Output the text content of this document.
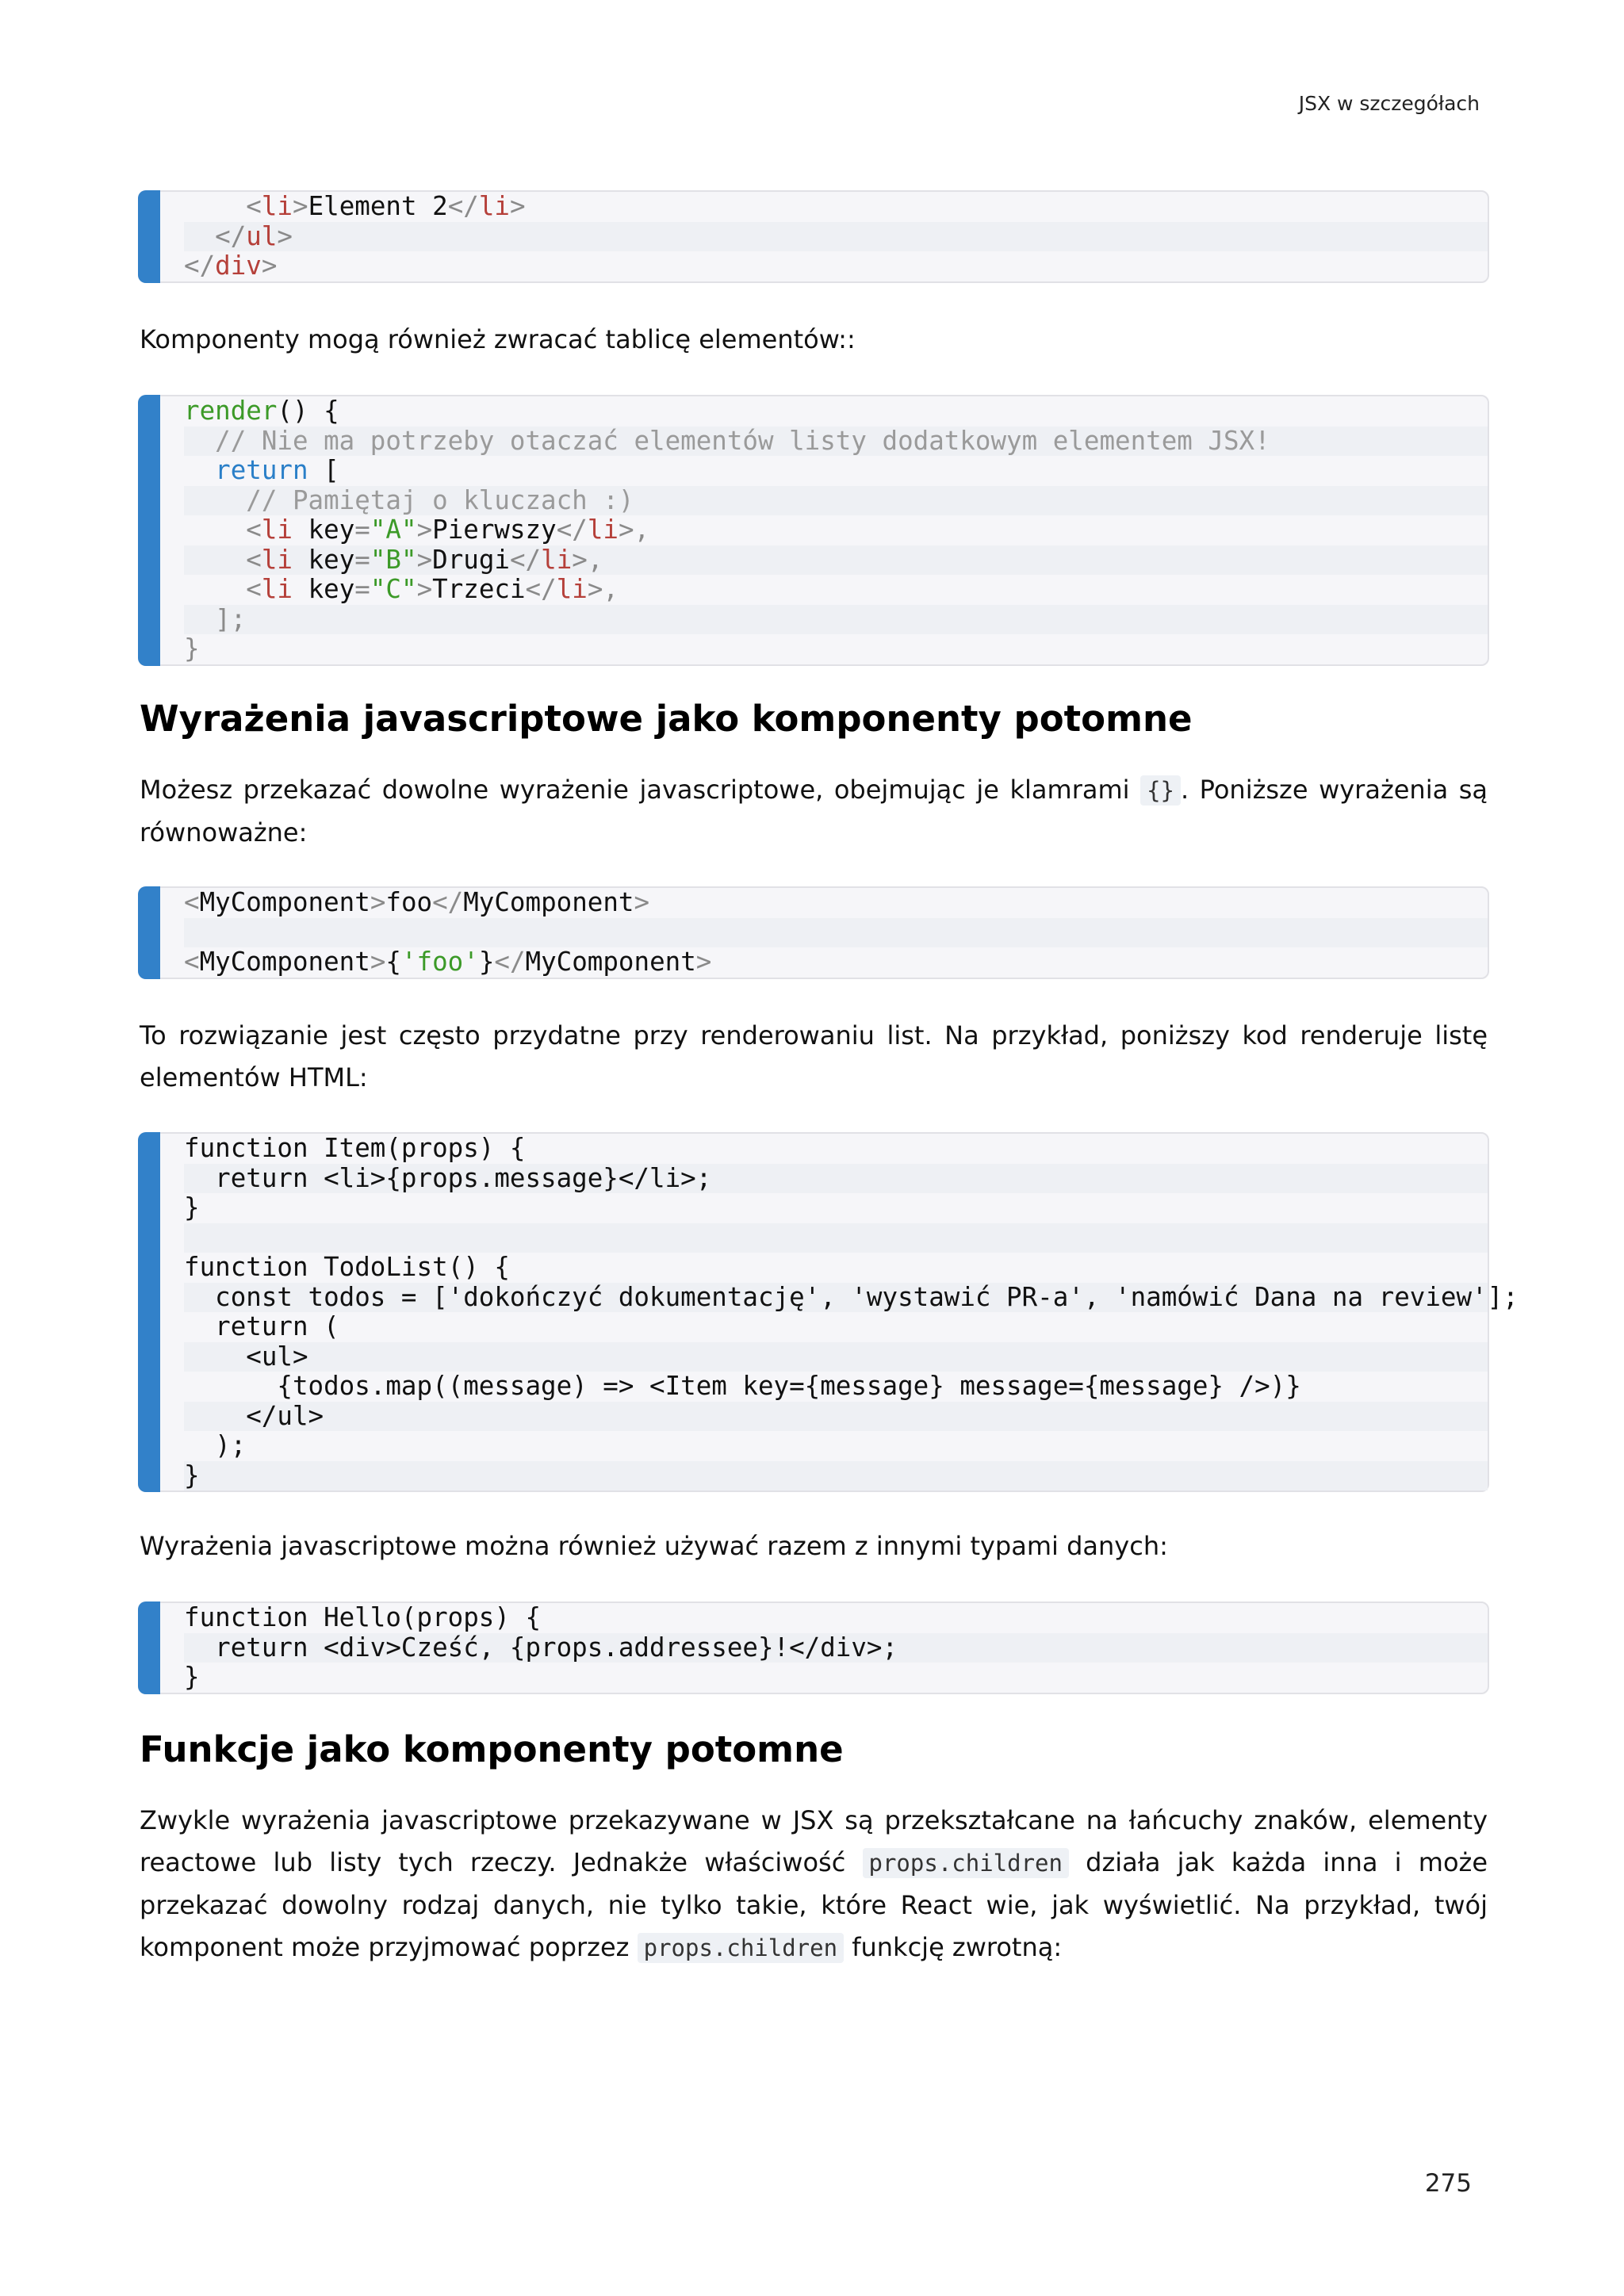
JSX w szczegółach
<li>Element 2</li>
</ul>
</div>
Komponenty mogą również zwracać tablicę elementów::
render() {
// Nie ma potrzeby otaczać elementów listy dodatkowym elementem JSX!
return [
// Pamiętaj o kluczach :)
<li key="A">Pierwszy</li>,
<li key="B">Drugi</li>,
<li key="C">Trzeci</li>,
];
}
Wyrażenia javascriptowe jako komponenty potomne
Możesz przekazać dowolne wyrażenie javascriptowe, obejmując je klamrami {} . Poniższe wyrażenia są równoważne:
<MyComponent>foo</MyComponent>

<MyComponent>{'foo'}</MyComponent>
To rozwiązanie jest często przydatne przy renderowaniu list. Na przykład, poniższy kod renderuje listę elementów HTML:
function Item(props) {
return <li>{props.message}</li>;
}

function TodoList() {
const todos = ['dokończyć dokumentację', 'wystawić PR-a', 'namówić Dana na review'];
return (
<ul>
{todos.map((message) => <Item key={message} message={message} />)}
</ul>
);
}
Wyrażenia javascriptowe można również używać razem z innymi typami danych:
function Hello(props) {
return <div>Cześć, {props.addressee}!</div>;
}
Funkcje jako komponenty potomne
Zwykle wyrażenia javascriptowe przekazywane w JSX są przekształcane na łańcuchy znaków, elementy reactowe lub listy tych rzeczy. Jednakże właściwość props.children działa jak każda inna i może przekazać dowolny rodzaj danych, nie tylko takie, które React wie, jak wyświetlić. Na przykład, twój komponent może przyjmować poprzez props.children funkcję zwrotną:
275
